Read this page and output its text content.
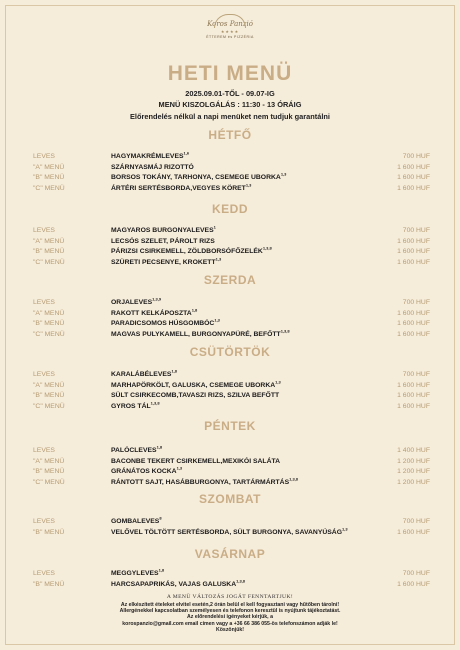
Koros Panzió
★★★★
ÉTTEREM és PIZZÉRIA
HETI MENÜ
2025.09.01-TŐL - 09.07-IG
MENÜ KISZOLGÁLÁS : 11:30 - 13 ÓRÁIG
Előrendelés nélkül a napi menüket nem tudjuk garantálni
HÉTFŐ
LEVES	HAGYMAKRÉMLEVES$^{1,6}$	700 HUF
"A" MENÜ	SZÁRNYASMÁJ RIZOTTÓ	1 600 HUF
"B" MENÜ	BORSOS TOKÁNY, TARHONYA, CSEMEGE UBORKA$^{1,3}$	1 600 HUF
"C" MENÜ	ÁRTÉRI SERTÉSBORDA,VEGYES KÖRET$^{1,3}$	1 600 HUF
KEDD
LEVES	MAGYAROS BURGONYALEVES$^1$	700 HUF
"A" MENÜ	LECSÓS SZELET, PÁROLT RIZS	1 600 HUF
"B" MENÜ	PÁRIZSI CSIRKEMELL, ZÖLDBORSÓFŐZELÉK$^{1,3,8}$	1 600 HUF
"C" MENÜ	SZÜRETI PECSENYE, KROKETT$^{1,3}$	1 600 HUF
SZERDA
LEVES	ORJALEVES$^{1,3,9}$	700 HUF
"A" MENÜ	RAKOTT KELKÁPOSZTA$^{1,8}$	1 600 HUF
"B" MENÜ	PARADICSOMOS HÚSGOMBÓC$^{1,3}$	1 600 HUF
"C" MENÜ	MAGVAS PULYKAMELL, BURGONYAPÜRÉ, BEFŐTT$^{1,3,8}$	1 600 HUF
CSÜTÖRTÖK
LEVES	KARALÁBÉLEVES$^{1,8}$	700 HUF
"A" MENÜ	MARHAPÖRKÖLT, GALUSKA, CSEMEGE UBORKA$^{1,3}$	1 600 HUF
"B" MENÜ	SÜLT CSIRKECOMB,TAVASZI RIZS, SZILVA BEFŐTT	1 600 HUF
"C" MENÜ	GYROS TÁL$^{1,3,8}$	1 600 HUF
PÉNTEK
LEVES	PALÓCLEVES$^{1,8}$	1 400 HUF
"A" MENÜ	BACONBE TEKERT CSIRKEMELL,MEXIKÓI SALÁTA	1 200 HUF
"B" MENÜ	GRÁNÁTOS KOCKA$^{1,3}$	1 200 HUF
"C" MENÜ	RÁNTOTT SAJT, HASÁBBURGONYA, TARTÁRMÁRTÁS$^{1,3,8}$	1 200 HUF
SZOMBAT
LEVES	GOMBALEVES$^8$	700 HUF
"B" MENÜ	VELŐVEL TÖLTÖTT SERTÉSBORDA, SÜLT BURGONYA, SAVANYÚSÁG$^{1,3}$	1 600 HUF
VASÁRNAP
LEVES	MEGGYLEVES$^{1,8}$	700 HUF
"B" MENÜ	HARCSAPAPRIKÁS, VAJAS GALUSKA$^{1,3,8}$	1 600 HUF
A MENÜ VÁLTOZÁS JOGÁT FENNTARTJUK!
Az elkészített ételeket elvitel esetén,2 órán belül el kell fogyasztani vagy hűtőben tárolni!
Allergénekkel kapcsolatban személyesen és telefonon keresztül is nyújtunk tájékoztatást.
Az előrendelési igényeket kérjük, a
korospanzio@gmail.com email címen vagy a +36 66 386 055-ös telefonszámon adják le!
Köszönjük!
